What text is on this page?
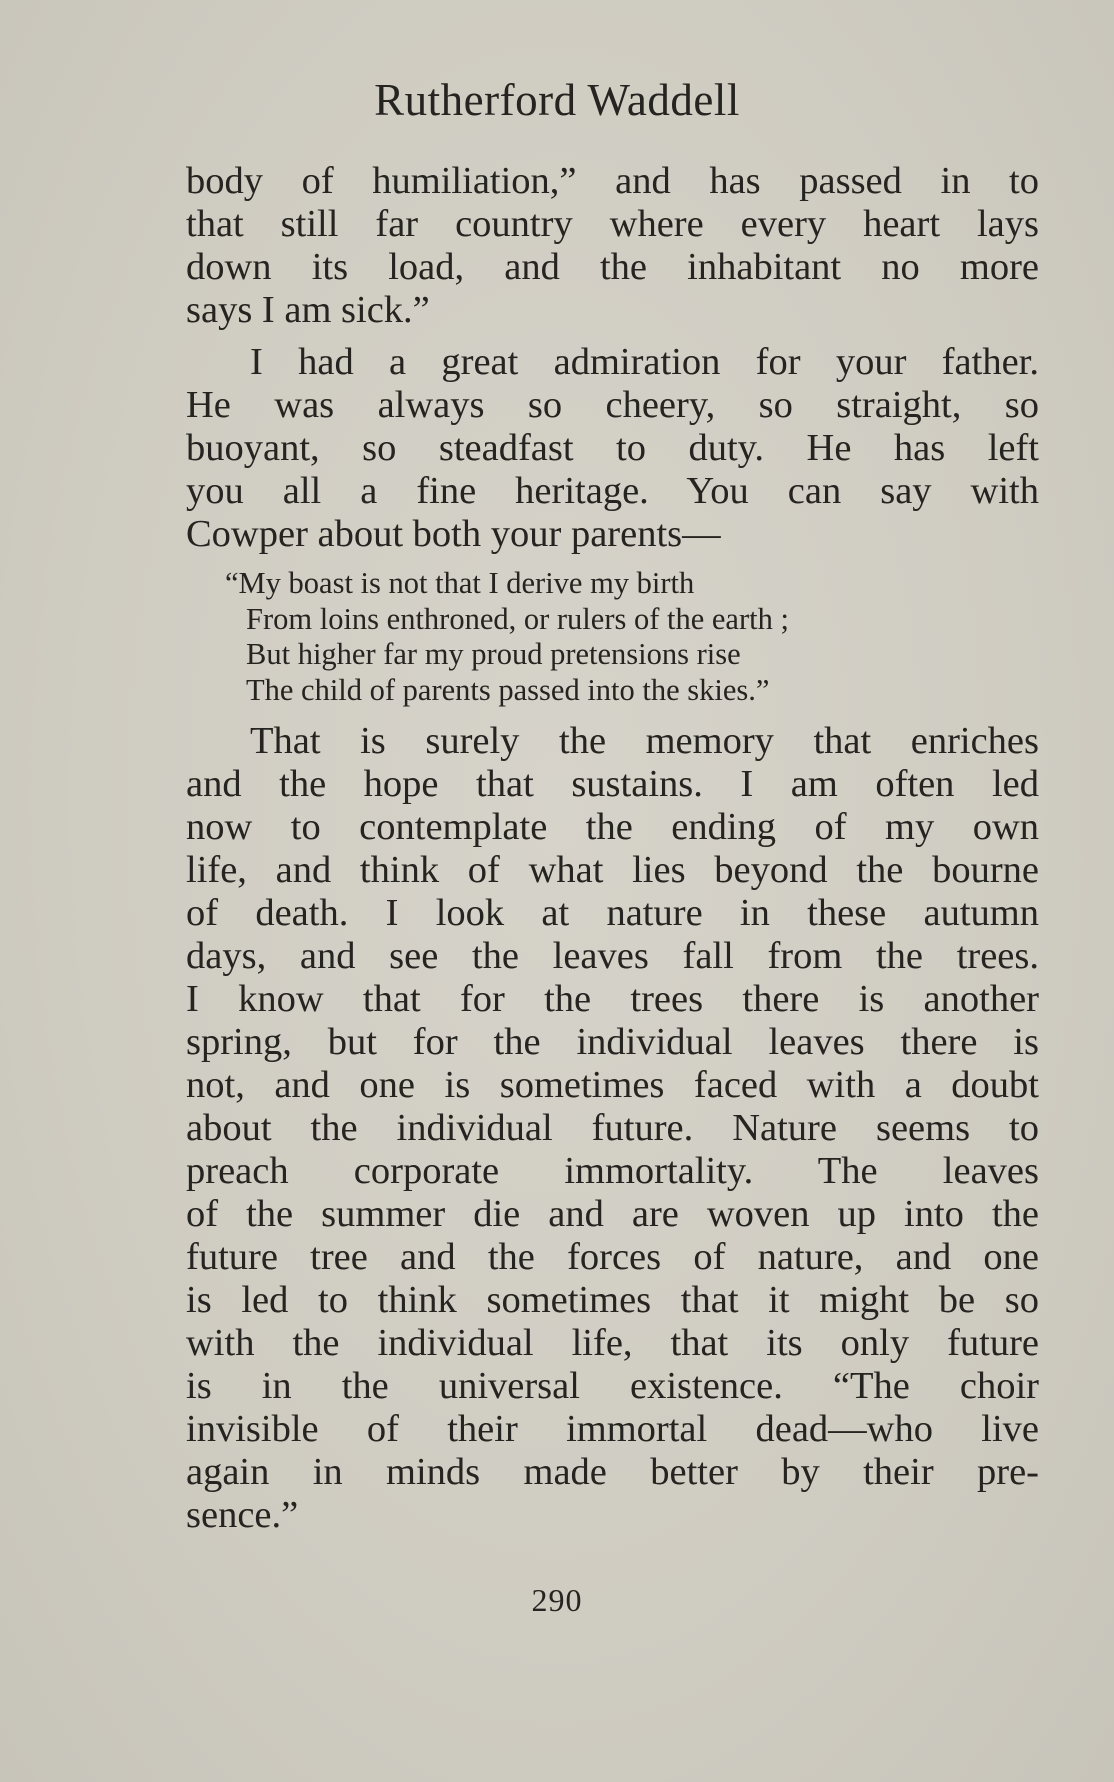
Rutherford Waddell

body of humiliation,” and has passed in to
that still far country where every heart lays
down its load, and the inhabitant no more
says I am sick.”

I had a great admiration for your father.
He was always so cheery, so straight, so
buoyant, so steadfast to duty. He has left
you all a fine heritage. You can say with
Cowper about both your parents—

“My boast is not that I derive my birth
From loins enthroned, or rulers of the earth ;
But higher far my proud pretensions rise
The child of parents passed into the skies.”

That is surely the memory that enriches
and the hope that sustains. I am often led
now to contemplate the ending of my own
life, and think of what lies beyond the bourne
of death. I look at nature in these autumn
days, and see the leaves fall from the trees.
I know that for the trees there is another
spring, but for the individual leaves there is
not, and one is sometimes faced with a doubt
about the individual future. Nature seems to
preach corporate immortality. The leaves
of the summer die and are woven up into the
future tree and the forces of nature, and one
is led to think sometimes that it might be so
with the individual life, that its only future
is in the universal existence. “The choir
invisible of their immortal dead—who live
again in minds made better by their pre-
sence.”

290
